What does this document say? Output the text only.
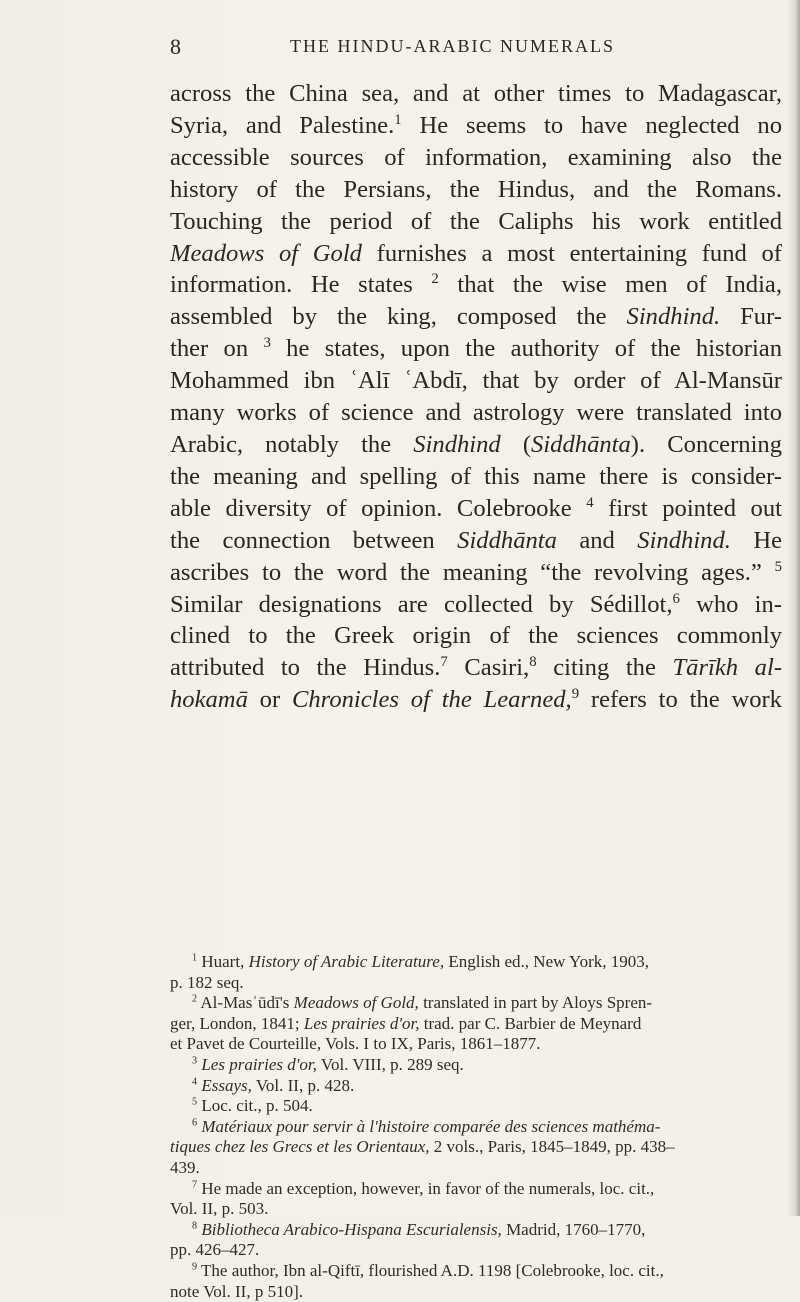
8	THE HINDU-ARABIC NUMERALS
across the China sea, and at other times to Madagascar,
Syria, and Palestine.$^1$ He seems to have neglected no
accessible sources of information, examining also the
history of the Persians, the Hindus, and the Romans.
Touching the period of the Caliphs his work entitled
Meadows of Gold furnishes a most entertaining fund of
information. He states $^2$ that the wise men of India,
assembled by the king, composed the Sindhind. Fur-
ther on $^3$ he states, upon the authority of the historian
Mohammed ibn ʿAlī ʿAbdī, that by order of Al-Mansūr
many works of science and astrology were translated into
Arabic, notably the Sindhind (Siddhānta). Concerning
the meaning and spelling of this name there is consider-
able diversity of opinion. Colebrooke $^4$ first pointed out
the connection between Siddhānta and Sindhind. He
ascribes to the word the meaning “the revolving ages.” $^5$
Similar designations are collected by Sédillot,$^6$ who in-
clined to the Greek origin of the sciences commonly
attributed to the Hindus.$^7$ Casiri,$^8$ citing the Tārīkh al-
hokamā or Chronicles of the Learned,$^9$ refers to the work
$^1$ Huart, History of Arabic Literature, English ed., New York, 1903,
p. 182 seq.
$^2$ Al-Masʿūdī's Meadows of Gold, translated in part by Aloys Spren-
ger, London, 1841; Les prairies d'or, trad. par C. Barbier de Meynard
et Pavet de Courteille, Vols. I to IX, Paris, 1861–1877.
$^3$ Les prairies d'or, Vol. VIII, p. 289 seq.
$^4$ Essays, Vol. II, p. 428.
$^5$ Loc. cit., p. 504.
$^6$ Matériaux pour servir à l'histoire comparée des sciences mathéma-
tiques chez les Grecs et les Orientaux, 2 vols., Paris, 1845–1849, pp. 438–
439.
$^7$ He made an exception, however, in favor of the numerals, loc. cit.,
Vol. II, p. 503.
$^8$ Bibliotheca Arabico-Hispana Escurialensis, Madrid, 1760–1770,
pp. 426–427.
$^9$ The author, Ibn al-Qiftī, flourished A.D. 1198 [Colebrooke, loc. cit.,
note Vol. II, p 510].
